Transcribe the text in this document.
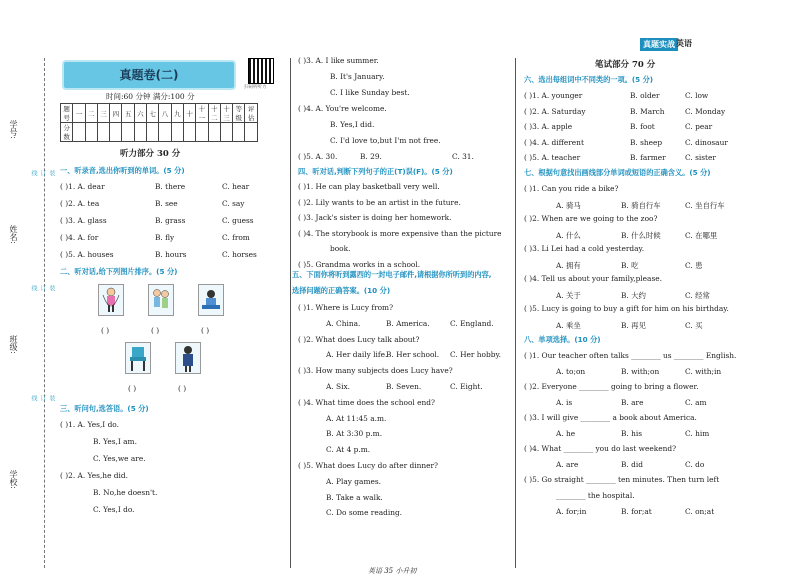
真题实战 英语
学号:
姓名:
班级:
学校:
装订线
装订线
装订线
真题卷(二)
扫码听听力
时间:60 分钟 满分:100 分
题号	一	二	三	四	五	六	七	八	九	十	十一	十二	十三	等级	评估
分数															
听力部分 30 分
一、听录音,选出你听到的单词。(5 分)
( )1. A. dear	B. there	C. hear
( )2. A. tea	B. see	C. say
( )3. A. glass	B. grass	C. guess
( )4. A. for	B. fly	C. from
( )5. A. houses	B. hours	C. horses
二、听对话,给下列图片排序。(5 分)
( )	( )	( )
( )	( )
三、听问句,选答语。(5 分)
( )1. A. Yes,I do.
B. Yes,I am.
C. Yes,we are.
( )2. A. Yes,he did.
B. No,he doesn't.
C. Yes,I do.
( )3. A. I like summer.
B. It's January.
C. I like Sunday best.
( )4. A. You're welcome.
B. Yes,I did.
C. I'd love to,but I'm not free.
( )5. A. 30.	B. 29.	C. 31.
四、听对话,判断下列句子的正(T)误(F)。(5 分)
( )1. He can play basketball very well.
( )2. Lily wants to be an artist in the future.
( )3. Jack's sister is doing her homework.
( )4. The storybook is more expensive than the picture
book.
( )5. Grandma works in a school.
五、下面你将听到露西的一封电子邮件,请根据你所听到的内容,
选择问题的正确答案。(10 分)
( )1. Where is Lucy from?
A. China.	B. America.	C. England.
( )2. What does Lucy talk about?
A. Her daily life.
B. Her school. C. Her hobby.
( )3. How many subjects does Lucy have?
A. Six.	B. Seven.	C. Eight.
( )4. What time does the school end?
A. At 11:45 a.m.
B. At 3:30 p.m.
C. At 4 p.m.
( )5. What does Lucy do after dinner?
A. Play games.
B. Take a walk.
C. Do some reading.
笔试部分 70 分
六、选出每组词中不同类的一项。(5 分)
( )1. A. younger	B. older	C. low
( )2. A. Saturday	B. March	C. Monday
( )3. A. apple	B. foot	C. pear
( )4. A. different	B. sheep	C. dinosaur
( )5. A. teacher	B. farmer	C. sister
七、根据句意找出画线部分单词或短语的正确含义。(5 分)
( )1. Can you ride a bike?
A. 骑马	B. 骑自行车	C. 坐自行车
( )2. When are we going to the zoo?
A. 什么	B. 什么时候	C. 在哪里
( )3. Li Lei had a cold yesterday.
A. 拥有	B. 吃	C. 患
( )4. Tell us about your family,please.
A. 关于	B. 大约	C. 经常
( )5. Lucy is going to buy a gift for him on his birthday.
A. 乘坐	B. 再见	C. 买
八、单项选择。(10 分)
( )1. Our teacher often talks ________ us ________ English.
A. to;on	B. with;on	C. with;in
( )2. Everyone ________ going to bring a flower.
A. is	B. are	C. am
( )3. I will give ________ a book about America.
A. he	B. his	C. him
( )4. What ________ you do last weekend?
A. are	B. did	C. do
( )5. Go straight ________ ten minutes. Then turn left
________ the hospital.
A. for;in	B. for;at	C. on;at
英语 35 小升初
